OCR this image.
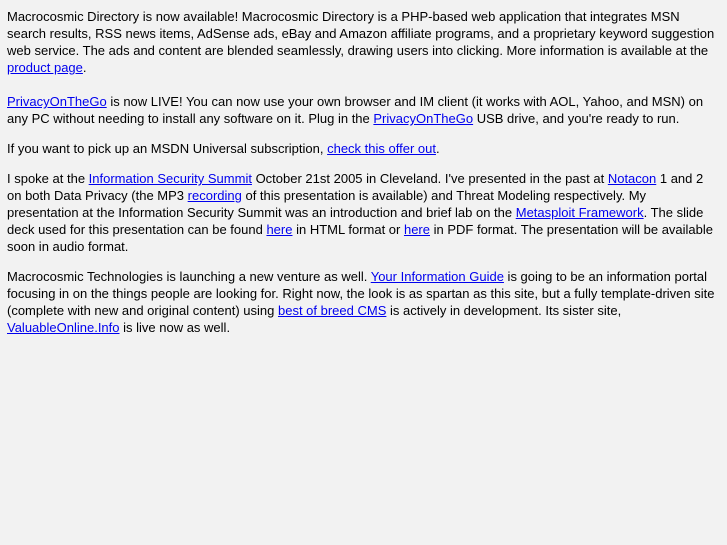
Macrocosmic Directory is now available! Macrocosmic Directory is a PHP-based web application that integrates MSN search results, RSS news items, AdSense ads, eBay and Amazon affiliate programs, and a proprietary keyword suggestion web service. The ads and content are blended seamlessly, drawing users into clicking. More information is available at the product page.

PrivacyOnTheGo is now LIVE! You can now use your own browser and IM client (it works with AOL, Yahoo, and MSN) on any PC without needing to install any software on it. Plug in the PrivacyOnTheGo USB drive, and you're ready to run.

If you want to pick up an MSDN Universal subscription, check this offer out.

I spoke at the Information Security Summit October 21st 2005 in Cleveland. I've presented in the past at Notacon 1 and 2 on both Data Privacy (the MP3 recording of this presentation is available) and Threat Modeling respectively. My presentation at the Information Security Summit was an introduction and brief lab on the Metasploit Framework. The slide deck used for this presentation can be found here in HTML format or here in PDF format. The presentation will be available soon in audio format.

Macrocosmic Technologies is launching a new venture as well. Your Information Guide is going to be an information portal focusing in on the things people are looking for. Right now, the look is as spartan as this site, but a fully template-driven site (complete with new and original content) using best of breed CMS is actively in development. Its sister site, ValuableOnline.Info is live now as well.
